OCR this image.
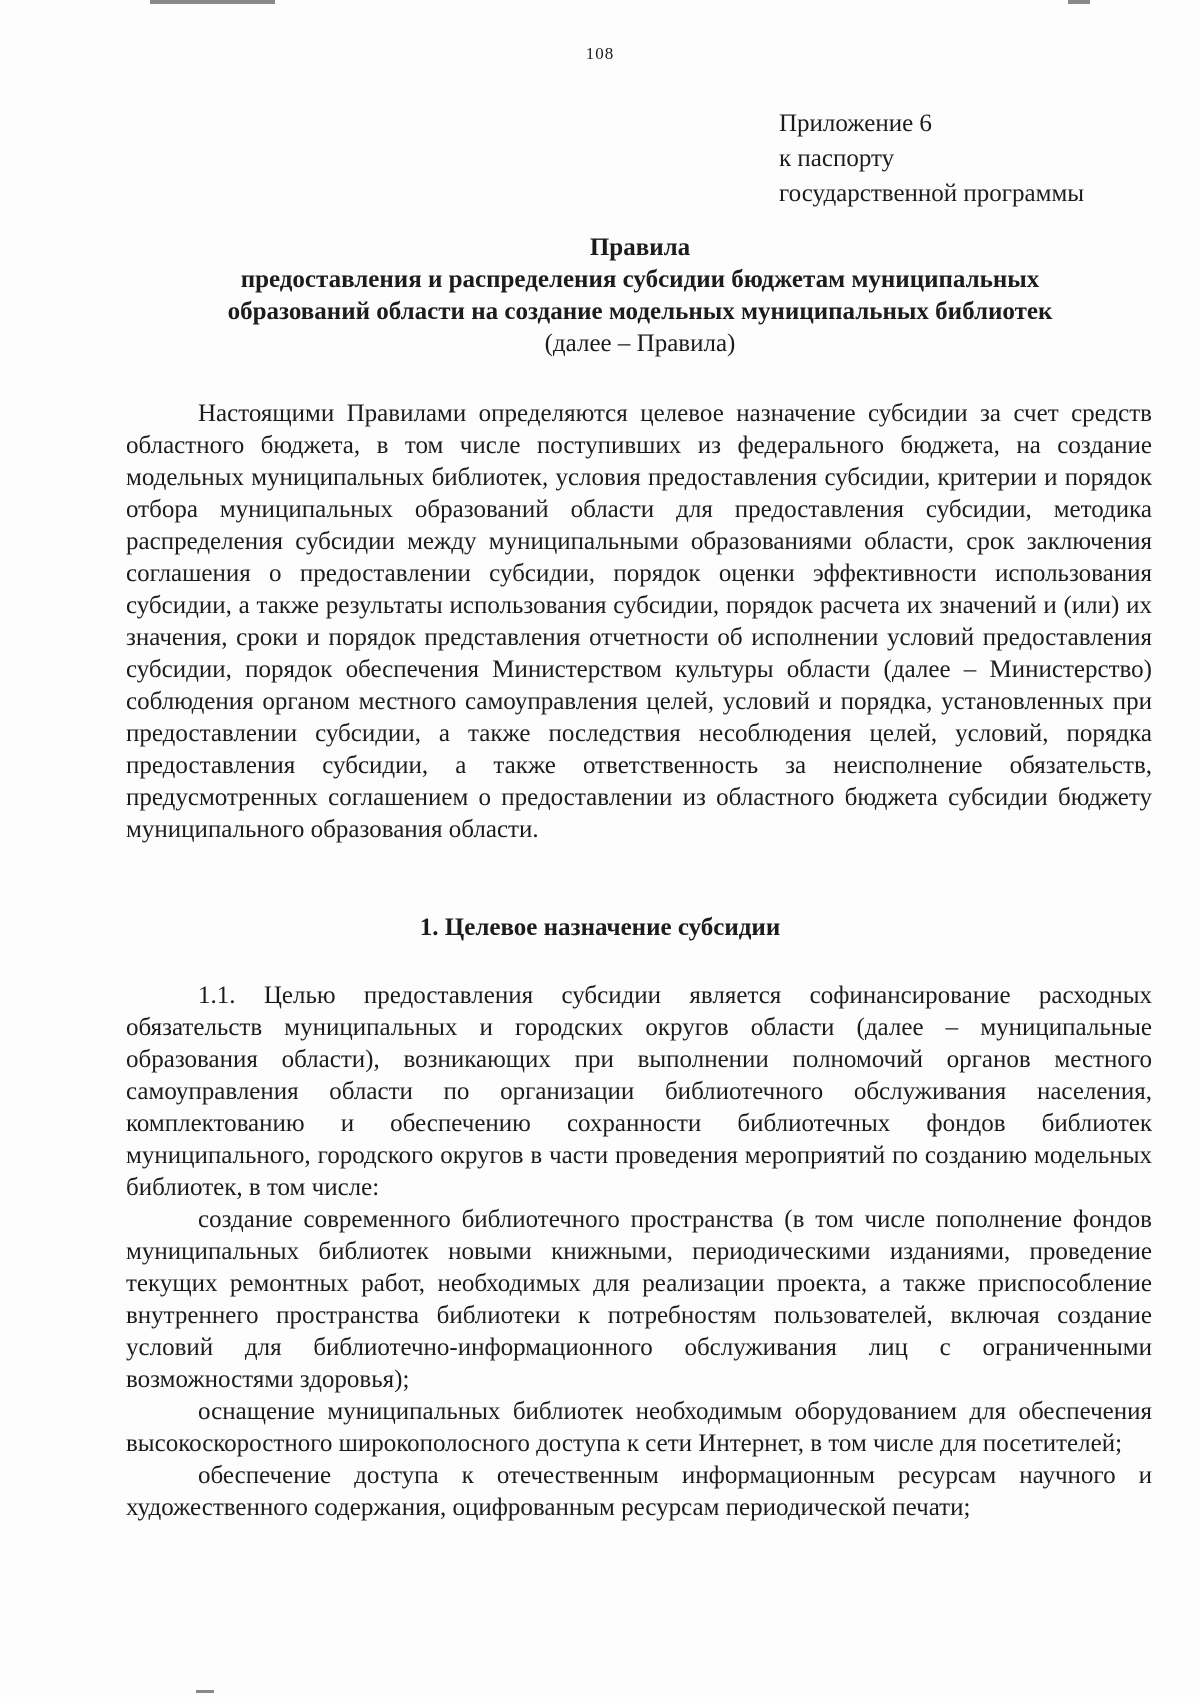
108
Приложение 6
к паспорту
государственной программы
Правила
предоставления и распределения субсидии бюджетам муниципальных
образований области на создание модельных муниципальных библиотек
(далее – Правила)

Настоящими Правилами определяются целевое назначение субсидии за счет средств областного бюджета, в том числе поступивших из федерального бюджета, на создание модельных муниципальных библиотек, условия предоставления субсидии, критерии и порядок отбора муниципальных образований области для предоставления субсидии, методика распределения субсидии между муниципальными образованиями области, срок заключения соглашения о предоставлении субсидии, порядок оценки эффективности использования субсидии, а также результаты использования субсидии, порядок расчета их значений и (или) их значения, сроки и порядок представления отчетности об исполнении условий предоставления субсидии, порядок обеспечения Министерством культуры области (далее – Министерство) соблюдения органом местного самоуправления целей, условий и порядка, установленных при предоставлении субсидии, а также последствия несоблюдения целей, условий, порядка предоставления субсидии, а также ответственность за неисполнение обязательств, предусмотренных соглашением о предоставлении из областного бюджета субсидии бюджету муниципального образования области.

1. Целевое назначение субсидии

1.1. Целью предоставления субсидии является софинансирование расходных обязательств муниципальных и городских округов области (далее – муниципальные образования области), возникающих при выполнении полномочий органов местного самоуправления области по организации библиотечного обслуживания населения, комплектованию и обеспечению сохранности библиотечных фондов библиотек муниципального, городского округов в части проведения мероприятий по созданию модельных библиотек, в том числе:

создание современного библиотечного пространства (в том числе пополнение фондов муниципальных библиотек новыми книжными, периодическими изданиями, проведение текущих ремонтных работ, необходимых для реализации проекта, а также приспособление внутреннего пространства библиотеки к потребностям пользователей, включая создание условий для библиотечно-информационного обслуживания лиц с ограниченными возможностями здоровья);

оснащение муниципальных библиотек необходимым оборудованием для обеспечения высокоскоростного широкополосного доступа к сети Интернет, в том числе для посетителей;

обеспечение доступа к отечественным информационным ресурсам научного и художественного содержания, оцифрованным ресурсам периодической печати;
